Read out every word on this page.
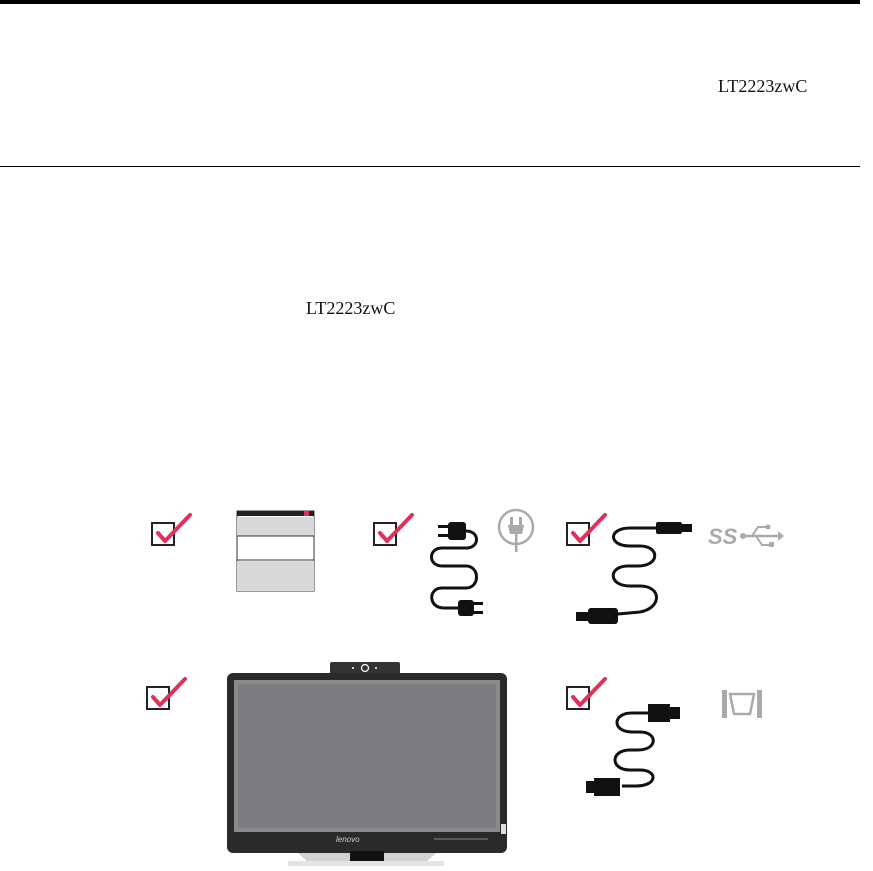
LT2223zwC
LT2223zwC
SS
lenovo
